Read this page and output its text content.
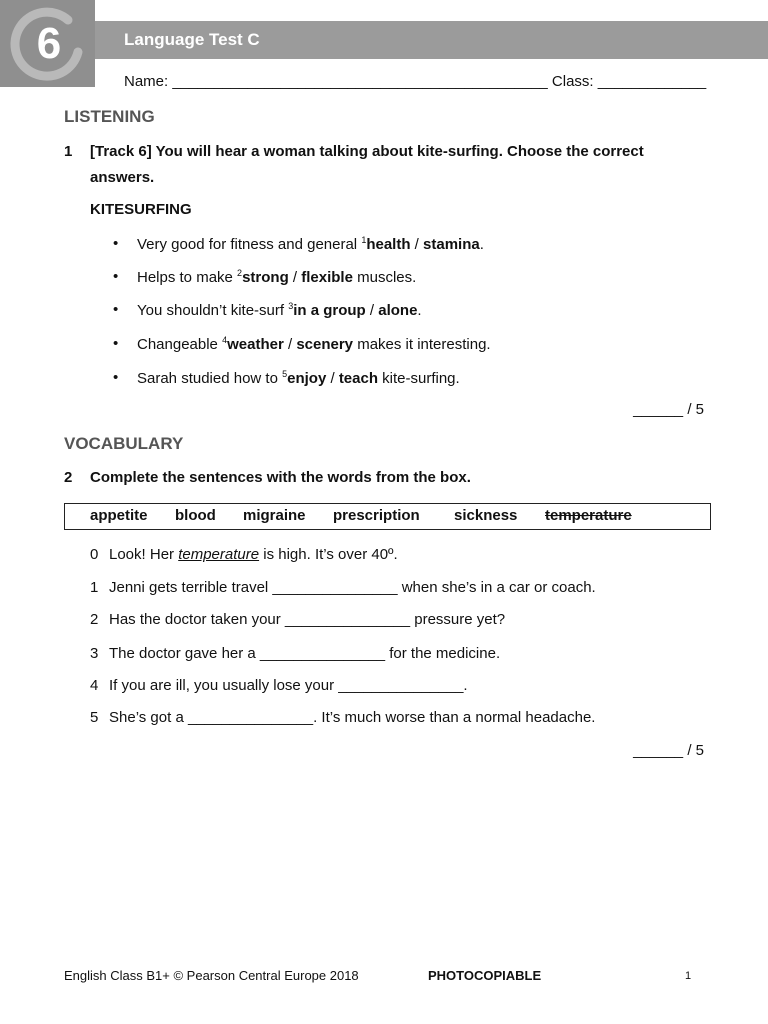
6	Language Test C
Name: _____________________________________________ Class: _____________
LISTENING
1 [Track 6] You will hear a woman talking about kite-surfing. Choose the correct answers.
KITESURFING
• Very good for fitness and general $^1$health / stamina.
• Helps to make $^2$strong / flexible muscles.
• You shouldn’t kite-surf $^3$in a group / alone.
• Changeable $^4$weather / scenery makes it interesting.
• Sarah studied how to $^5$enjoy / teach kite-surfing.
______ / 5
VOCABULARY
2 Complete the sentences with the words from the box.
appetite blood migraine prescription sickness temperature
0 Look! Her temperature is high. It’s over 40º.
1 Jenni gets terrible travel _______________ when she’s in a car or coach.
2 Has the doctor taken your _______________ pressure yet?
3 The doctor gave her a _______________ for the medicine.
4 If you are ill, you usually lose your _______________.
5 She’s got a _______________. It’s much worse than a normal headache.
______ / 5
English Class B1+ © Pearson Central Europe 2018	PHOTOCOPIABLE	1
